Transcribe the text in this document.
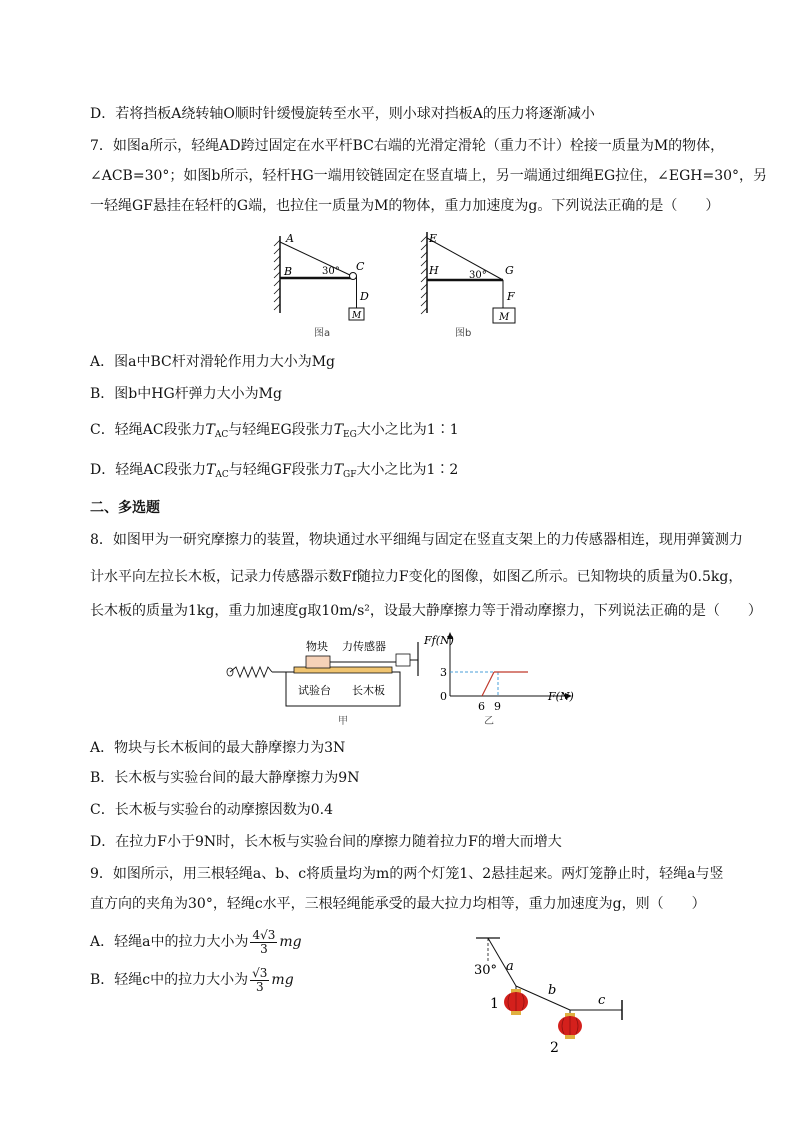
D．若将挡板A绕转轴O顺时针缓慢旋转至水平，则小球对挡板A的压力将逐渐减小
7．如图a所示，轻绳AD跨过固定在水平杆BC右端的光滑定滑轮（重力不计）栓接一质量为M的物体，
∠ACB=30°；如图b所示，轻杆HG一端用铰链固定在竖直墙上，另一端通过细绳EG拉住，∠EGH=30°，另
一轻绳GF悬挂在轻杆的G端，也拉住一质量为M的物体，重力加速度为g。下列说法正确的是（　　）
A
B	C
D
M
30°
图a
E
H	G
F
M
30°
图b
A．图a中BC杆对滑轮作用力大小为Mg
B．图b中HG杆弹力大小为Mg
C．轻绳AC段张力$T_{AC}$与轻绳EG段张力$T_{EG}$大小之比为1∶1
D．轻绳AC段张力$T_{AC}$与轻绳GF段张力$T_{GF}$大小之比为1∶2
二、多选题
8．如图甲为一研究摩擦力的装置，物块通过水平细绳与固定在竖直支架上的力传感器相连，现用弹簧测力
计水平向左拉长木板，记录力传感器示数Ff随拉力F变化的图像，如图乙所示。已知物块的质量为0.5kg，
长木板的质量为1kg，重力加速度g取10m/s²，设最大静摩擦力等于滑动摩擦力，下列说法正确的是（　　）
物块 力传感器
试验台 长木板
甲
Ff(N)
F(N)
3
0
6 9
乙
A．物块与长木板间的最大静摩擦力为3N
B．长木板与实验台间的最大静摩擦力为9N
C．长木板与实验台的动摩擦因数为0.4
D．在拉力F小于9N时，长木板与实验台间的摩擦力随着拉力F的增大而增大
9．如图所示，用三根轻绳a、b、c将质量均为m的两个灯笼1、2悬挂起来。两灯笼静止时，轻绳a与竖
直方向的夹角为30°，轻绳c水平，三根轻绳能承受的最大拉力均相等，重力加速度为g，则（　　）
A．轻绳a中的拉力大小为 $\frac{4√3}{3}$ mg
B．轻绳c中的拉力大小为 $\frac{√3}{3}$ mg
30° a
b
c
1
2
